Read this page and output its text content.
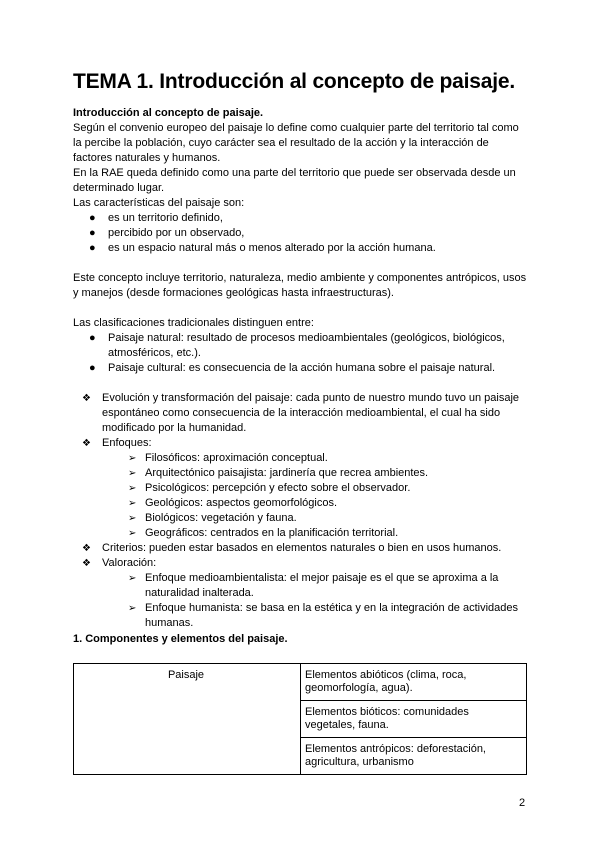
TEMA 1. Introducción al concepto de paisaje.

Introducción al concepto de paisaje.

Según el convenio europeo del paisaje lo define como cualquier parte del territorio tal como la percibe la población, cuyo carácter sea el resultado de la acción y la interacción de factores naturales y humanos.

En la RAE queda definido como una parte del territorio que puede ser observada desde un determinado lugar.

Las características del paisaje son:

● es un territorio definido,
● percibido por un observado,
● es un espacio natural más o menos alterado por la acción humana.

Este concepto incluye territorio, naturaleza, medio ambiente y componentes antrópicos, usos y manejos (desde formaciones geológicas hasta infraestructuras).

Las clasificaciones tradicionales distinguen entre:

● Paisaje natural: resultado de procesos medioambientales (geológicos, biológicos, atmosféricos, etc.).
● Paisaje cultural: es consecuencia de la acción humana sobre el paisaje natural.
❖ Evolución y transformación del paisaje: cada punto de nuestro mundo tuvo un paisaje espontáneo como consecuencia de la interacción medioambiental, el cual ha sido modificado por la humanidad.
❖ Enfoques:
➢ Filosóficos: aproximación conceptual.
➢ Arquitectónico paisajista: jardinería que recrea ambientes.
➢ Psicológicos: percepción y efecto sobre el observador.
➢ Geológicos: aspectos geomorfológicos.
➢ Biológicos: vegetación y fauna.
➢ Geográficos: centrados en la planificación territorial.
❖ Criterios: pueden estar basados en elementos naturales o bien en usos humanos.
❖ Valoración:
➢ Enfoque medioambientalista: el mejor paisaje es el que se aproxima a la naturalidad inalterada.
➢ Enfoque humanista: se basa en la estética y en la integración de actividades humanas.
1. Componentes y elementos del paisaje.
Paisaje	Elementos abióticos (clima, roca, geomorfología, agua).
Elementos bióticos: comunidades vegetales, fauna.
Elementos antrópicos: deforestación, agricultura, urbanismo
2
